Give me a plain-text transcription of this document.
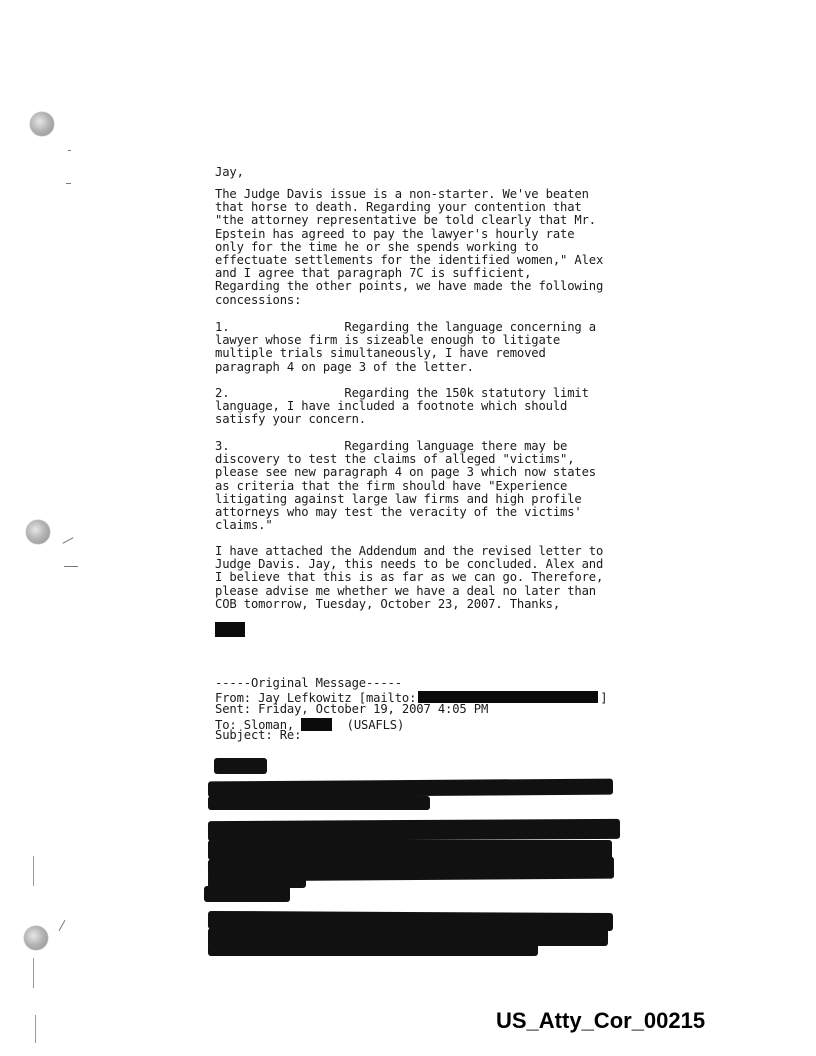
Jay,

The Judge Davis issue is a non-starter. We've beaten
that horse to death. Regarding your contention that
"the attorney representative be told clearly that Mr.
Epstein has agreed to pay the lawyer's hourly rate
only for the time he or she spends working to
effectuate settlements for the identified women," Alex
and I agree that paragraph 7C is sufficient,
Regarding the other points, we have made the following
concessions:

1.                Regarding the language concerning a
lawyer whose firm is sizeable enough to litigate
multiple trials simultaneously, I have removed
paragraph 4 on page 3 of the letter.

2.                Regarding the 150k statutory limit
language, I have included a footnote which should
satisfy your concern.

3.                Regarding language there may be
discovery to test the claims of alleged "victims",
please see new paragraph 4 on page 3 which now states
as criteria that the firm should have "Experience
litigating against large law firms and high profile
attorneys who may test the veracity of the victims'
claims."

I have attached the Addendum and the revised letter to
Judge Davis. Jay, this needs to be concluded. Alex and
I believe that this is as far as we can go. Therefore,
please advise me whether we have a deal no later than
COB tomorrow, Tuesday, October 23, 2007. Thanks,

-----Original Message-----

From: Jay Lefkowitz [mailto:	]

Sent: Friday, October 19, 2007 4:05 PM

To: Sloman,	(USAFLS)

Subject: Re:

US_Atty_Cor_00215
